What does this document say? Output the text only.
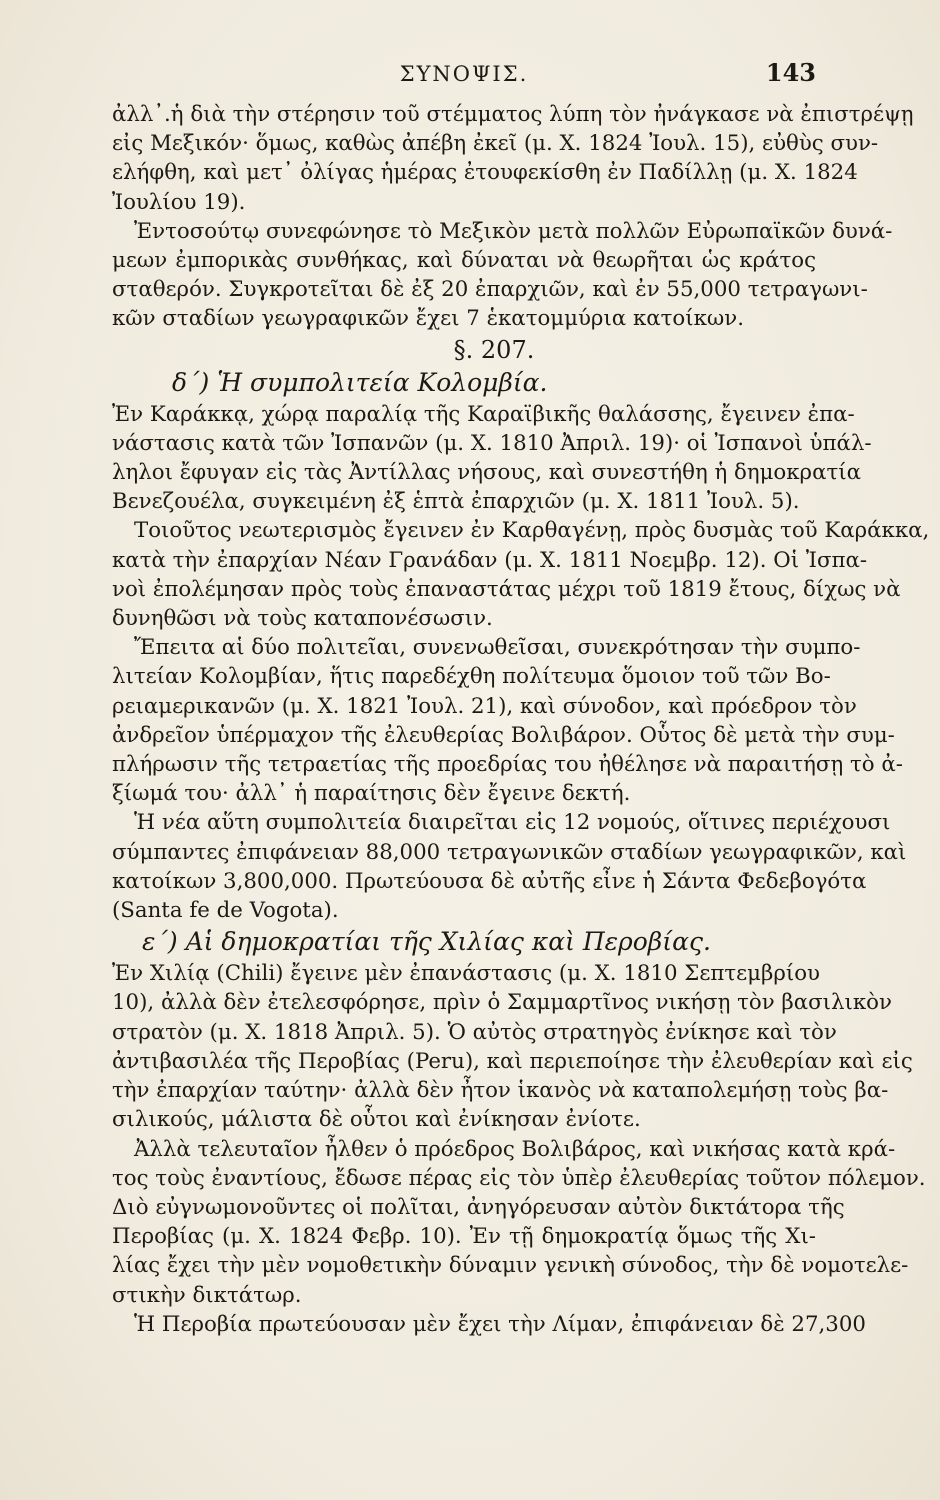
ΣΥΝΟΨΙΣ.	143
ἀλλ᾽.ἡ διὰ τὴν στέρησιν τοῦ στέμματος λύπη τὸν ἠνάγκασε νὰ ἐπιστρέψῃ
εἰς Μεξικόν· ὅμως, καθὼς ἀπέβη ἐκεῖ (μ. Χ. 1824 Ἰουλ. 15), εὐθὺς συν-
ελήφθη, καὶ μετ᾽ ὀλίγας ἡμέρας ἐτουφεκίσθη ἐν Παδίλλῃ (μ. Χ. 1824
Ἰουλίου 19).
Ἐντοσούτῳ συνεφώνησε τὸ Μεξικὸν μετὰ πολλῶν Εὐρωπαϊκῶν δυνά-
μεων ἐμπορικὰς συνθήκας, καὶ δύναται νὰ θεωρῆται ὡς κράτος
σταθερόν. Συγκροτεῖται δὲ ἐξ 20 ἐπαρχιῶν, καὶ ἐν 55,000 τετραγωνι-
κῶν σταδίων γεωγραφικῶν ἔχει 7 ἑκατομμύρια κατοίκων.
§. 207.
δ΄) Ἡ συμπολιτεία Κολομβία.
Ἐν Καράκκᾳ, χώρᾳ παραλίᾳ τῆς Καραϊβικῆς θαλάσσης, ἔγεινεν ἐπα-
νάστασις κατὰ τῶν Ἰσπανῶν (μ. Χ. 1810 Ἀπριλ. 19)· οἱ Ἰσπανοὶ ὑπάλ-
ληλοι ἔφυγαν εἰς τὰς Ἀντίλλας νήσους, καὶ συνεστήθη ἡ δημοκρατία
Βενεζουέλα, συγκειμένη ἐξ ἑπτὰ ἐπαρχιῶν (μ. Χ. 1811 Ἰουλ. 5).
Τοιοῦτος νεωτερισμὸς ἔγεινεν ἐν Καρθαγένῃ, πρὸς δυσμὰς τοῦ Καράκκα,
κατὰ τὴν ἐπαρχίαν Νέαν Γρανάδαν (μ. Χ. 1811 Νοεμβρ. 12). Οἱ Ἰσπα-
νοὶ ἐπολέμησαν πρὸς τοὺς ἐπαναστάτας μέχρι τοῦ 1819 ἔτους, δίχως νὰ
δυνηθῶσι νὰ τοὺς καταπονέσωσιν.
Ἔπειτα αἱ δύο πολιτεῖαι, συνενωθεῖσαι, συνεκρότησαν τὴν συμπο-
λιτείαν Κολομβίαν, ἥτις παρεδέχθη πολίτευμα ὅμοιον τοῦ τῶν Βο-
ρειαμερικανῶν (μ. Χ. 1821 Ἰουλ. 21), καὶ σύνοδον, καὶ πρόεδρον τὸν
ἀνδρεῖον ὑπέρμαχον τῆς ἐλευθερίας Βολιβάρον. Οὗτος δὲ μετὰ τὴν συμ-
πλήρωσιν τῆς τετραετίας τῆς προεδρίας του ἠθέλησε νὰ παραιτήσῃ τὸ ἀ-
ξίωμά του· ἀλλ᾽ ἡ παραίτησις δὲν ἔγεινε δεκτή.
Ἡ νέα αὕτη συμπολιτεία διαιρεῖται εἰς 12 νομούς, οἵτινες περιέχουσι
σύμπαντες ἐπιφάνειαν 88,000 τετραγωνικῶν σταδίων γεωγραφικῶν, καὶ
κατοίκων 3,800,000. Πρωτεύουσα δὲ αὐτῆς εἶνε ἡ Σάντα Φεδεβογότα
(Santa fe de Vogota).
ε΄) Αἱ δημοκρατίαι τῆς Χιλίας καὶ Περοβίας.
Ἐν Χιλίᾳ (Chili) ἔγεινε μὲν ἐπανάστασις (μ. Χ. 1810 Σεπτεμβρίου
10), ἀλλὰ δὲν ἐτελεσφόρησε, πρὶν ὁ Σαμμαρτῖνος νικήσῃ τὸν βασιλικὸν
στρατὸν (μ. Χ. 1818 Ἀπριλ. 5). Ὁ αὐτὸς στρατηγὸς ἐνίκησε καὶ τὸν
ἀντιβασιλέα τῆς Περοβίας (Peru), καὶ περιεποίησε τὴν ἐλευθερίαν καὶ εἰς
τὴν ἐπαρχίαν ταύτην· ἀλλὰ δὲν ἦτον ἱκανὸς νὰ καταπολεμήσῃ τοὺς βα-
σιλικούς, μάλιστα δὲ οὗτοι καὶ ἐνίκησαν ἐνίοτε.
Ἀλλὰ τελευταῖον ἦλθεν ὁ πρόεδρος Βολιβάρος, καὶ νικήσας κατὰ κρά-
τος τοὺς ἐναντίους, ἔδωσε πέρας εἰς τὸν ὑπὲρ ἐλευθερίας τοῦτον πόλεμον.
Διὸ εὐγνωμονοῦντες οἱ πολῖται, ἀνηγόρευσαν αὐτὸν δικτάτορα τῆς
Περοβίας (μ. Χ. 1824 Φεβρ. 10). Ἐν τῇ δημοκρατίᾳ ὅμως τῆς Χι-
λίας ἔχει τὴν μὲν νομοθετικὴν δύναμιν γενικὴ σύνοδος, τὴν δὲ νομοτελε-
στικὴν δικτάτωρ.
Ἡ Περοβία πρωτεύουσαν μὲν ἔχει τὴν Λίμαν, ἐπιφάνειαν δὲ 27,300
